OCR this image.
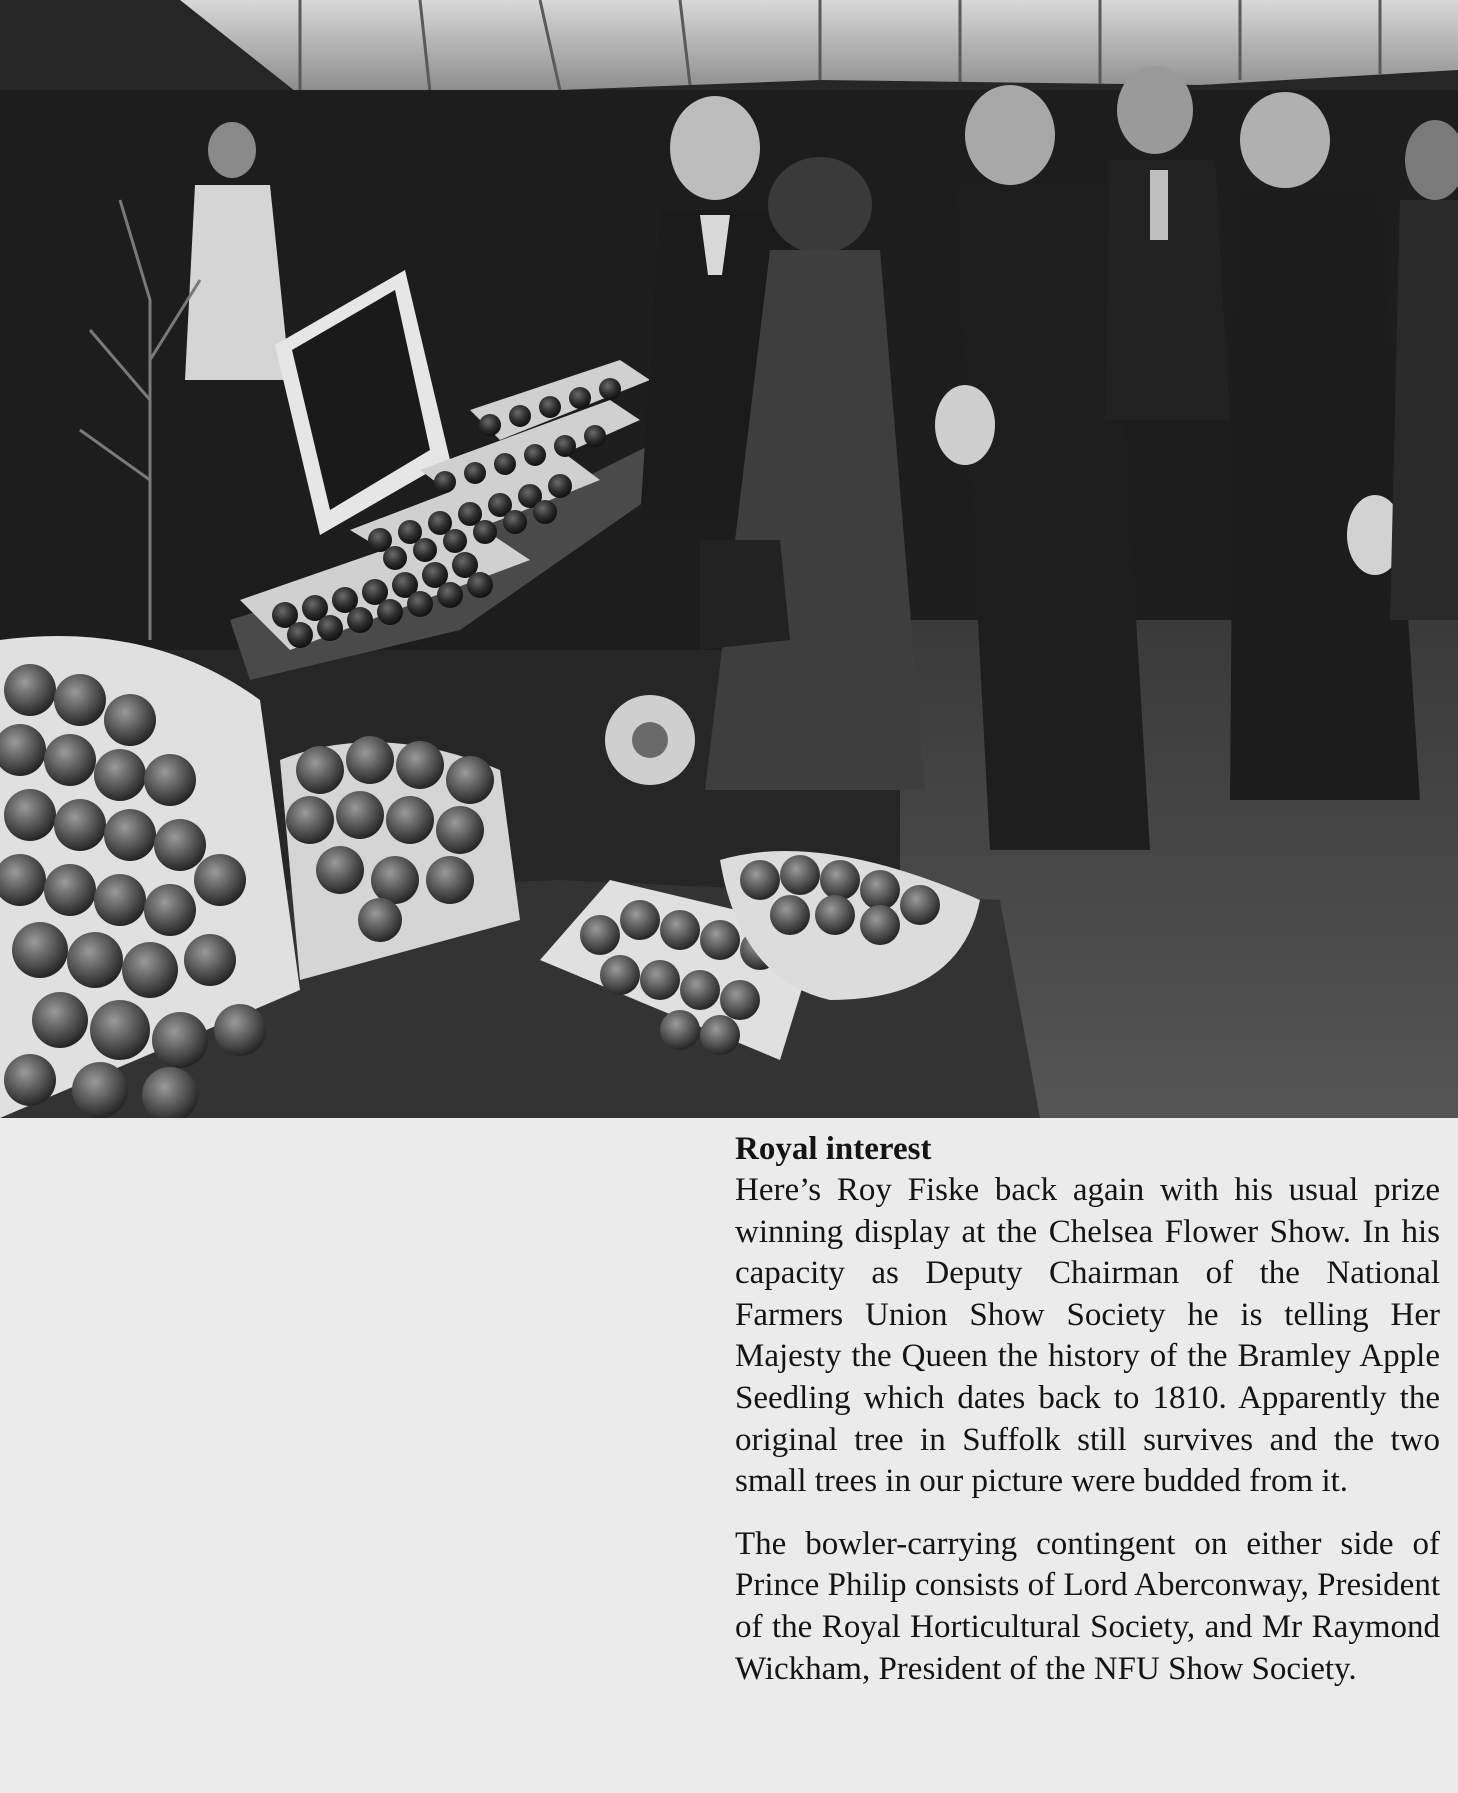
Royal interest

Here’s Roy Fiske back again with his usual prize winning display at the Chelsea Flower Show. In his capacity as Deputy Chairman of the National Farmers Union Show Society he is telling Her Majesty the Queen the history of the Bramley Apple Seedling which dates back to 1810. Apparently the original tree in Suffolk still survives and the two small trees in our picture were budded from it.

The bowler-carrying contingent on either side of Prince Philip consists of Lord Aberconway, President of the Royal Horticultural Society, and Mr Raymond Wickham, President of the NFU Show Society.
